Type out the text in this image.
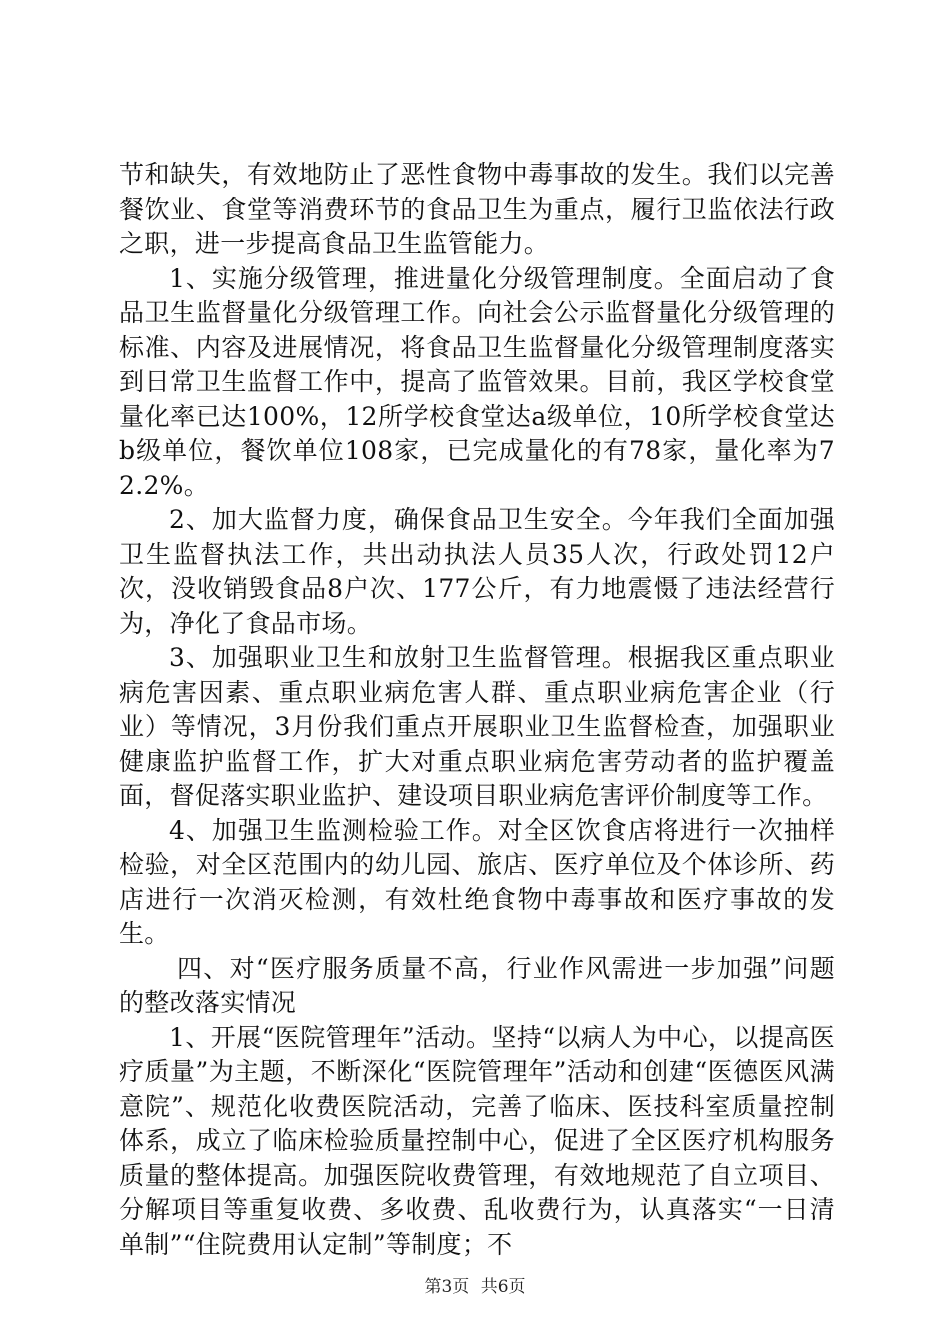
节和缺失，有效地防止了恶性食物中毒事故的发生。我们以完善餐饮业、食堂等消费环节的食品卫生为重点，履行卫监依法行政之职，进一步提高食品卫生监管能力。

1、实施分级管理，推进量化分级管理制度。全面启动了食品卫生监督量化分级管理工作。向社会公示监督量化分级管理的标准、内容及进展情况，将食品卫生监督量化分级管理制度落实到日常卫生监督工作中，提高了监管效果。目前，我区学校食堂量化率已达100%，12所学校食堂达a级单位，10所学校食堂达b级单位，餐饮单位108家，已完成量化的有78家，量化率为72.2%。

2、加大监督力度，确保食品卫生安全。今年我们全面加强卫生监督执法工作，共出动执法人员35人次，行政处罚12户次，没收销毁食品8户次、177公斤，有力地震慑了违法经营行为，净化了食品市场。

3、加强职业卫生和放射卫生监督管理。根据我区重点职业病危害因素、重点职业病危害人群、重点职业病危害企业（行业）等情况，3月份我们重点开展职业卫生监督检查，加强职业健康监护监督工作，扩大对重点职业病危害劳动者的监护覆盖面，督促落实职业监护、建设项目职业病危害评价制度等工作。

4、加强卫生监测检验工作。对全区饮食店将进行一次抽样检验，对全区范围内的幼儿园、旅店、医疗单位及个体诊所、药店进行一次消灭检测，有效杜绝食物中毒事故和医疗事故的发生。

四、对“医疗服务质量不高，行业作风需进一步加强”问题的整改落实情况

1、开展“医院管理年”活动。坚持“以病人为中心，以提高医疗质量”为主题，不断深化“医院管理年”活动和创建“医德医风满意院”、规范化收费医院活动，完善了临床、医技科室质量控制体系，成立了临床检验质量控制中心，促进了全区医疗机构服务质量的整体提高。加强医院收费管理，有效地规范了自立项目、分解项目等重复收费、多收费、乱收费行为，认真落实“一日清单制”“住院费用认定制”等制度；不

第3页 共6页
